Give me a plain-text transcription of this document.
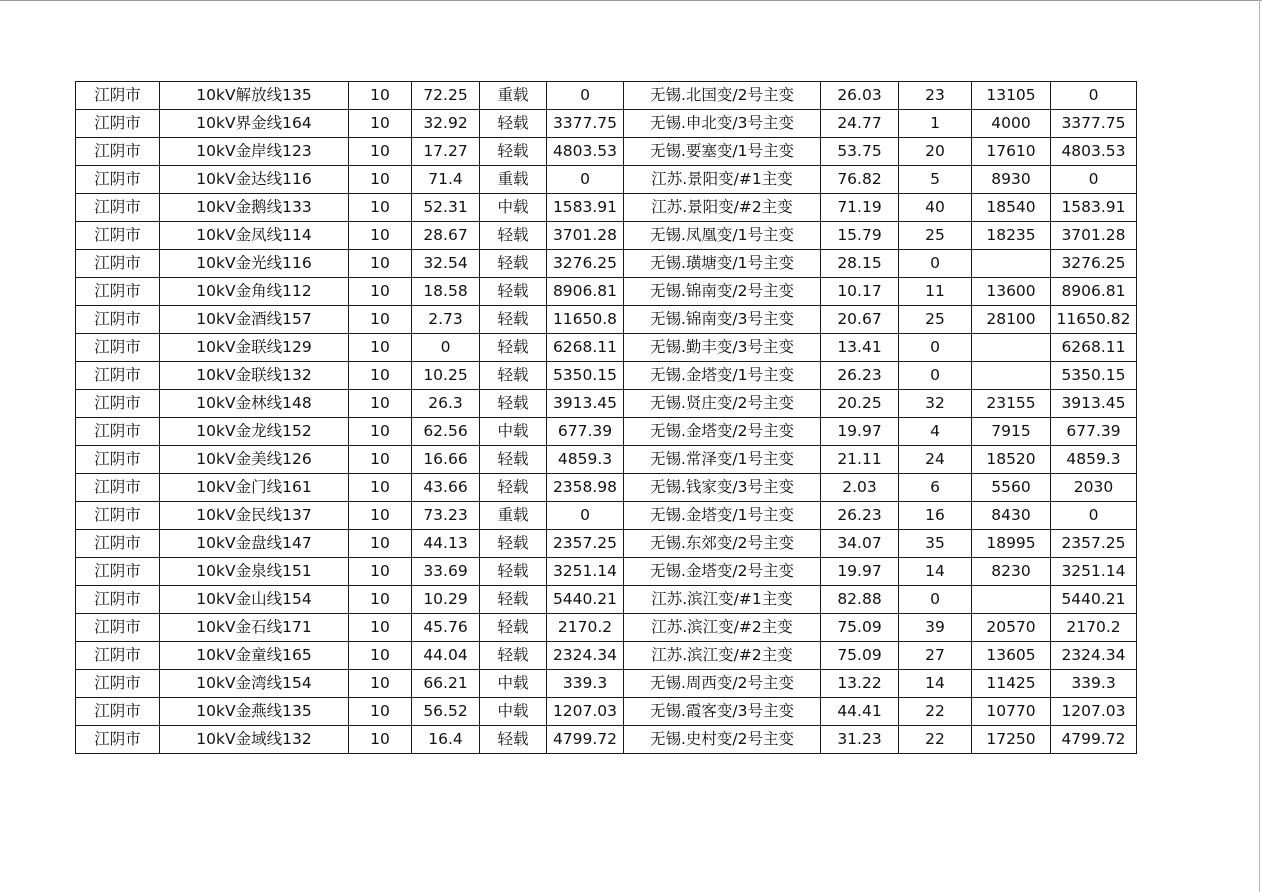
江阴市	10kV解放线135	10	72.25	重载	0	无锡.北国变/2号主变	26.03	23	13105	0
江阴市	10kV界金线164	10	32.92	轻载	3377.75	无锡.申北变/3号主变	24.77	1	4000	3377.75
江阴市	10kV金岸线123	10	17.27	轻载	4803.53	无锡.要塞变/1号主变	53.75	20	17610	4803.53
江阴市	10kV金达线116	10	71.4	重载	0	江苏.景阳变/#1主变	76.82	5	8930	0
江阴市	10kV金鹅线133	10	52.31	中载	1583.91	江苏.景阳变/#2主变	71.19	40	18540	1583.91
江阴市	10kV金凤线114	10	28.67	轻载	3701.28	无锡.凤凰变/1号主变	15.79	25	18235	3701.28
江阴市	10kV金光线116	10	32.54	轻载	3276.25	无锡.璜塘变/1号主变	28.15	0		3276.25
江阴市	10kV金角线112	10	18.58	轻载	8906.81	无锡.锦南变/2号主变	10.17	11	13600	8906.81
江阴市	10kV金酒线157	10	2.73	轻载	11650.8	无锡.锦南变/3号主变	20.67	25	28100	11650.82
江阴市	10kV金联线129	10	0	轻载	6268.11	无锡.勤丰变/3号主变	13.41	0		6268.11
江阴市	10kV金联线132	10	10.25	轻载	5350.15	无锡.金塔变/1号主变	26.23	0		5350.15
江阴市	10kV金林线148	10	26.3	轻载	3913.45	无锡.贤庄变/2号主变	20.25	32	23155	3913.45
江阴市	10kV金龙线152	10	62.56	中载	677.39	无锡.金塔变/2号主变	19.97	4	7915	677.39
江阴市	10kV金美线126	10	16.66	轻载	4859.3	无锡.常泽变/1号主变	21.11	24	18520	4859.3
江阴市	10kV金门线161	10	43.66	轻载	2358.98	无锡.钱家变/3号主变	2.03	6	5560	2030
江阴市	10kV金民线137	10	73.23	重载	0	无锡.金塔变/1号主变	26.23	16	8430	0
江阴市	10kV金盘线147	10	44.13	轻载	2357.25	无锡.东郊变/2号主变	34.07	35	18995	2357.25
江阴市	10kV金泉线151	10	33.69	轻载	3251.14	无锡.金塔变/2号主变	19.97	14	8230	3251.14
江阴市	10kV金山线154	10	10.29	轻载	5440.21	江苏.滨江变/#1主变	82.88	0		5440.21
江阴市	10kV金石线171	10	45.76	轻载	2170.2	江苏.滨江变/#2主变	75.09	39	20570	2170.2
江阴市	10kV金童线165	10	44.04	轻载	2324.34	江苏.滨江变/#2主变	75.09	27	13605	2324.34
江阴市	10kV金湾线154	10	66.21	中载	339.3	无锡.周西变/2号主变	13.22	14	11425	339.3
江阴市	10kV金燕线135	10	56.52	中载	1207.03	无锡.霞客变/3号主变	44.41	22	10770	1207.03
江阴市	10kV金域线132	10	16.4	轻载	4799.72	无锡.史村变/2号主变	31.23	22	17250	4799.72
